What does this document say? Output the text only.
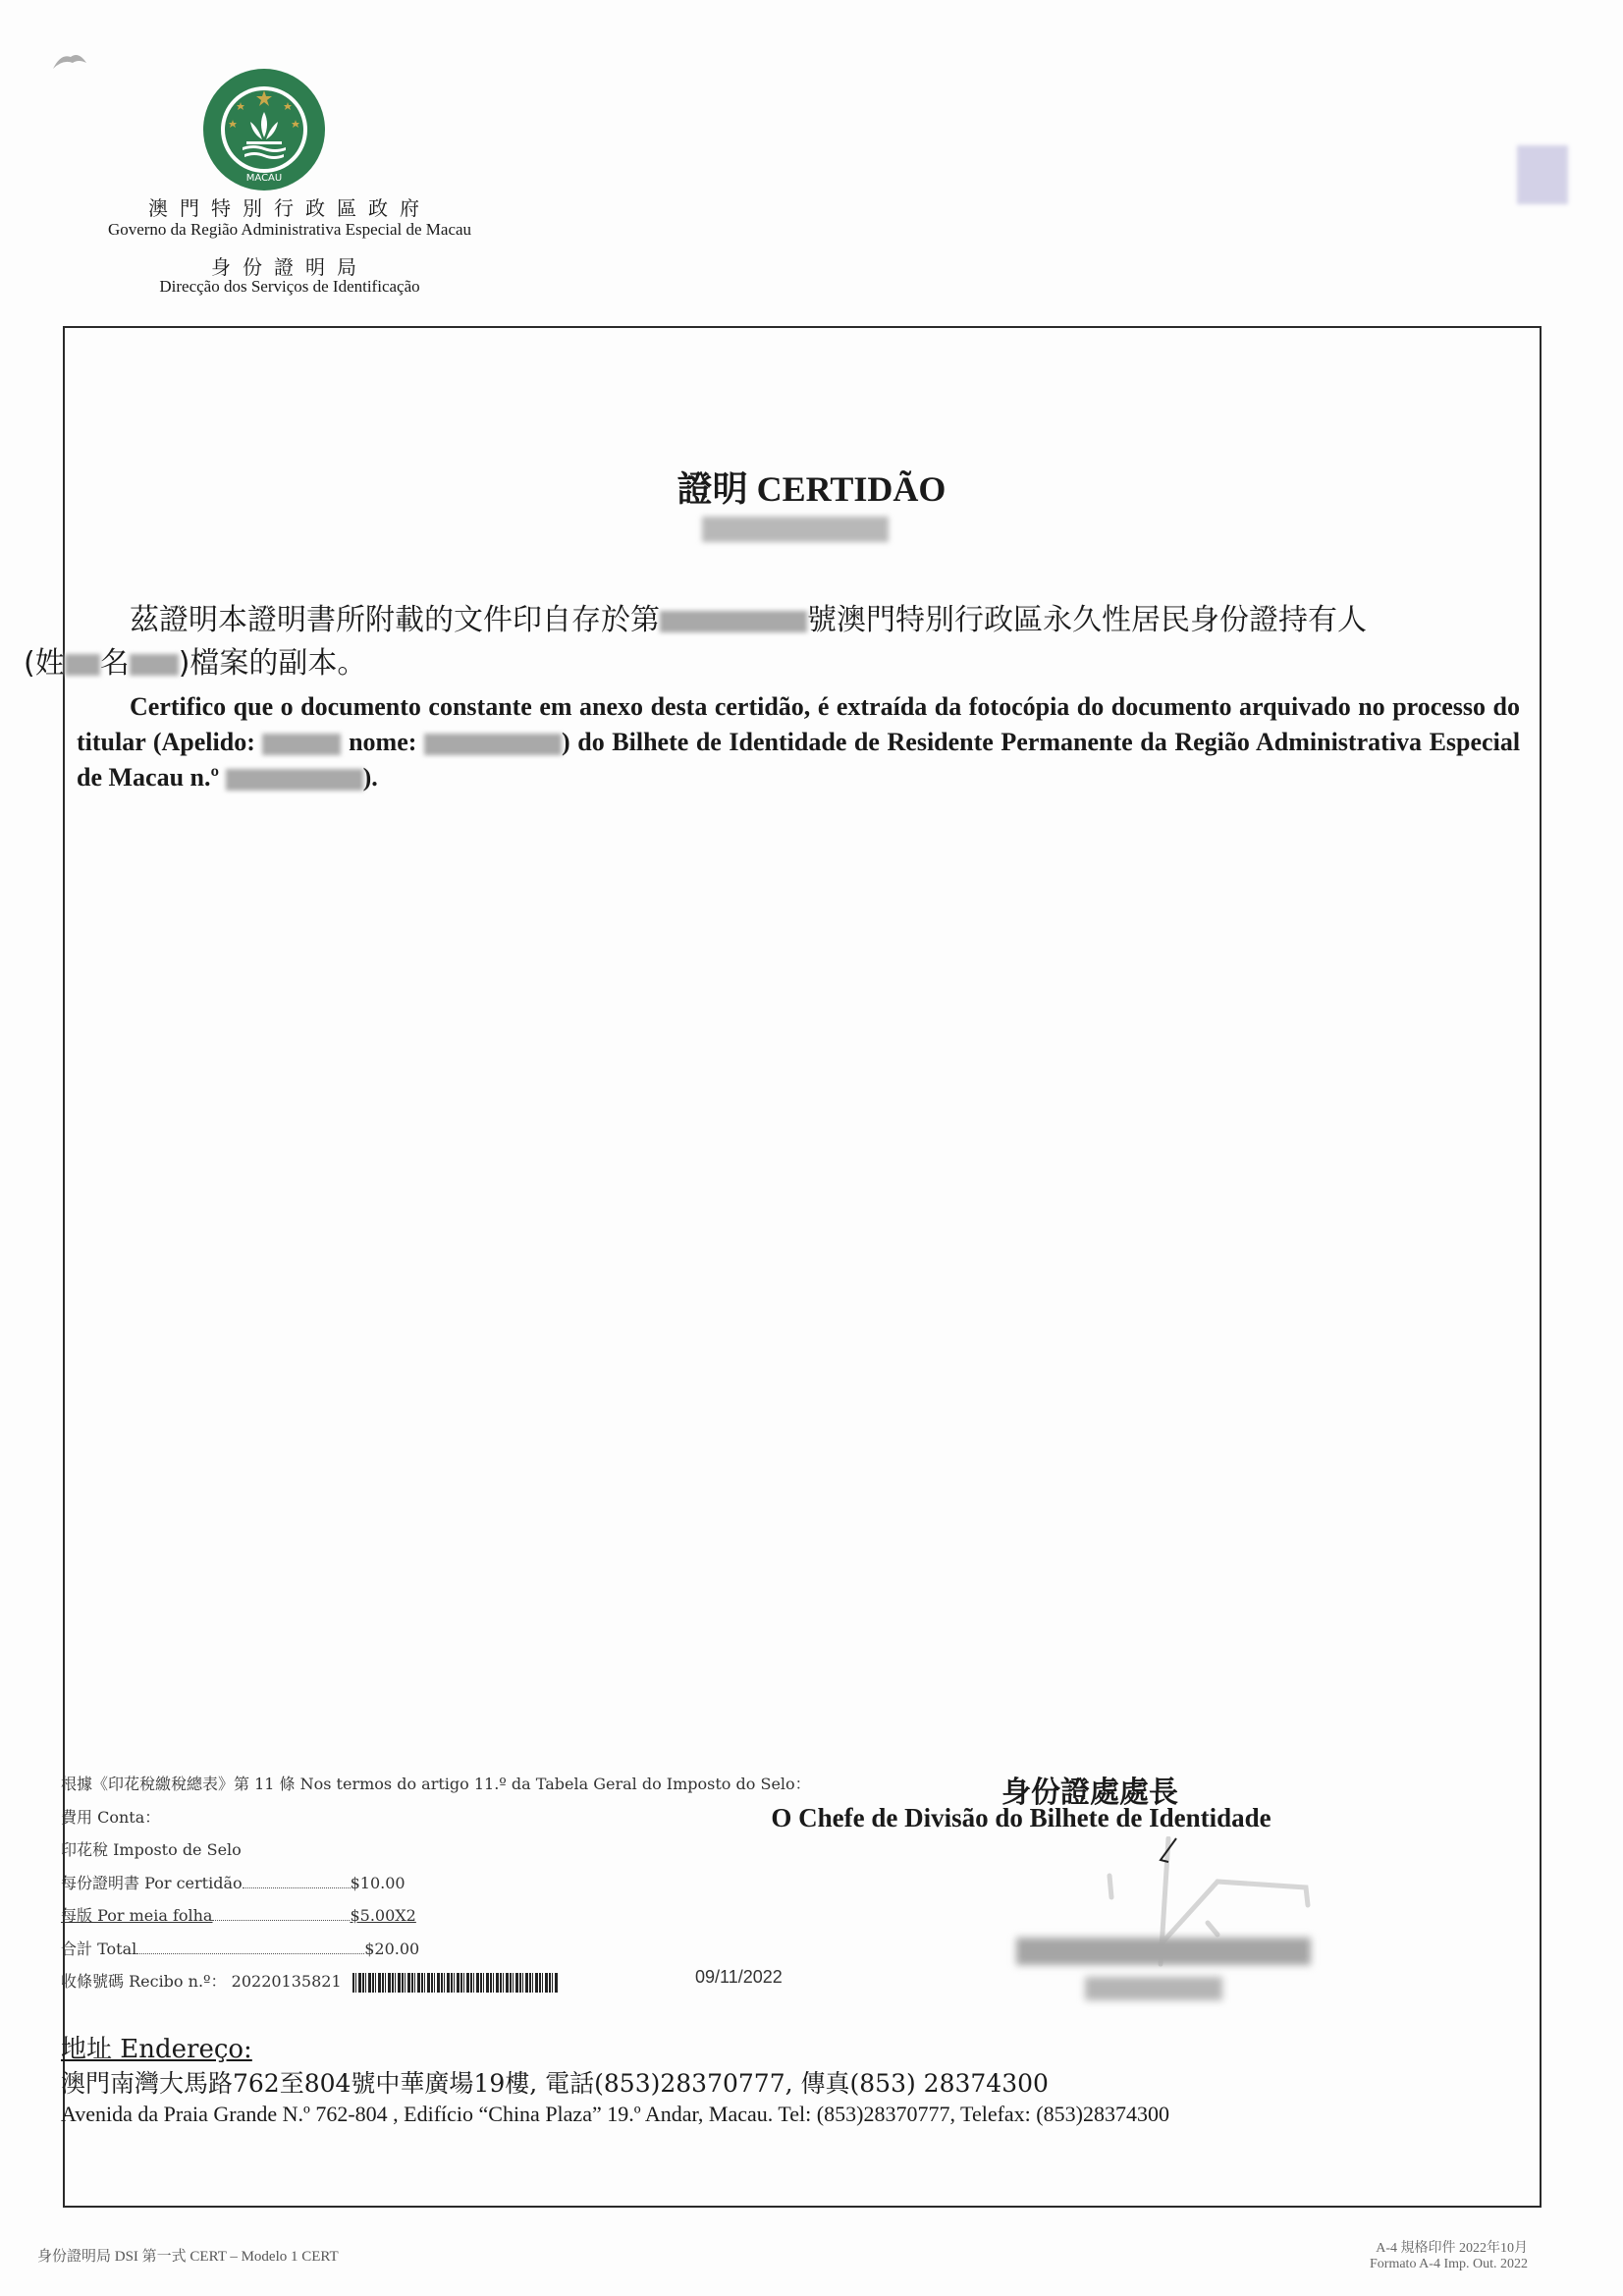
MACAU
澳門特別行政區政府
Governo da Região Administrativa Especial de Macau
身份證明局
Direcção dos Serviços de Identificação
證明 CERTIDÃO
茲證明本證明書所附載的文件印自存於第	號澳門特別行政區永久性居民身份證持有人
(姓 名 )檔案的副本。
Certifico que o documento constante em anexo desta certidão, é extraída da fotocópia do documento arquivado no processo do titular (Apelido:	nome:	) do Bilhete de Identidade de Residente Permanente da Região Administrativa Especial de Macau n.º	).
根據《印花稅繳稅總表》第 11 條 Nos termos do artigo 11.º da Tabela Geral do Imposto do Selo：
費用 Conta：
印花稅 Imposto de Selo
每份證明書 Por certidão	$10.00
每版 Por meia folha	$5.00X2
合計 Total	$20.00
收條號碼 Recibo n.º： 20220135821	09/11/2022
身份證處處長
O Chefe de Divisão do Bilhete de Identidade
地址 Endereço:
澳門南灣大馬路762至804號中華廣場19樓, 電話(853)28370777, 傳真(853) 28374300
Avenida da Praia Grande N.º 762-804 , Edifício “China Plaza” 19.º Andar, Macau. Tel: (853)28370777, Telefax: (853)28374300
身份證明局 DSI 第一式 CERT – Modelo 1 CERT
A-4 規格印件 2022年10月
Formato A-4 Imp. Out. 2022
